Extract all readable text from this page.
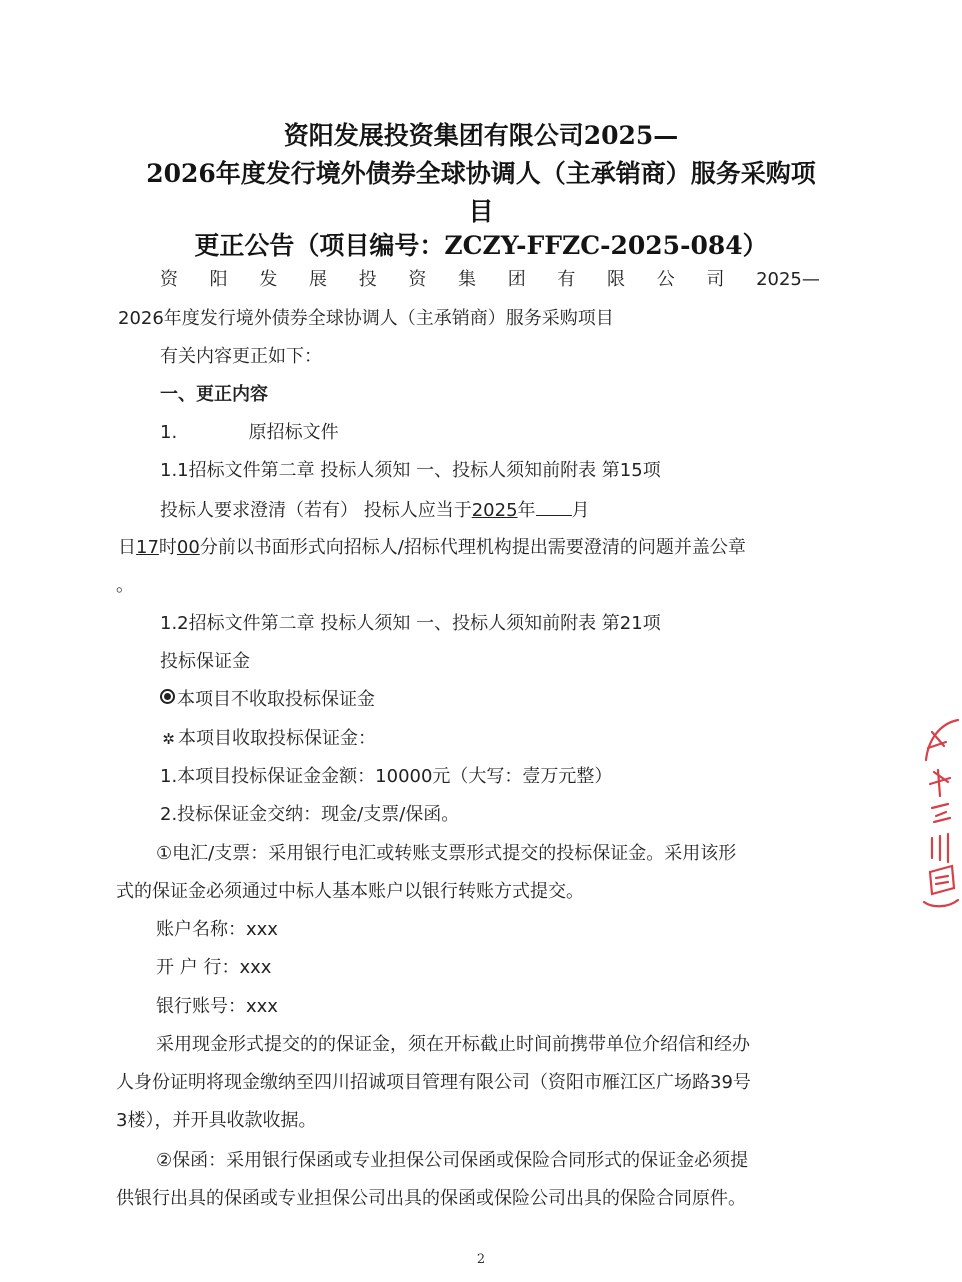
资阳发展投资集团有限公司2025—
2026年度发行境外债券全球协调人（主承销商）服务采购项
目
更正公告（项目编号：ZCZY-FFZC-2025-084）
资 阳 发 展 投 资 集 团 有 限 公 司 2025—
2026年度发行境外债券全球协调人（主承销商）服务采购项目
有关内容更正如下：
一、更正内容
1.	原招标文件
1.1招标文件第二章 投标人须知 一、投标人须知前附表 第15项
投标人要求澄清（若有） 投标人应当于2025年 月
日17时00分前以书面形式向招标人/招标代理机构提出需要澄清的问题并盖公章
。
1.2招标文件第二章 投标人须知 一、投标人须知前附表 第21项
投标保证金
本项目不收取投标保证金
✲ 本项目收取投标保证金：
1.本项目投标保证金金额：10000元（大写：壹万元整）
2.投标保证金交纳：现金/支票/保函。
①电汇/支票：采用银行电汇或转账支票形式提交的投标保证金。采用该形
式的保证金必须通过中标人基本账户以银行转账方式提交。
账户名称：xxx
开 户 行：xxx
银行账号：xxx
采用现金形式提交的的保证金，须在开标截止时间前携带单位介绍信和经办
人身份证明将现金缴纳至四川招诚项目管理有限公司（资阳市雁江区广场路39号
3楼），并开具收款收据。
②保函：采用银行保函或专业担保公司保函或保险合同形式的保证金必须提
供银行出具的保函或专业担保公司出具的保函或保险公司出具的保险合同原件。
2
